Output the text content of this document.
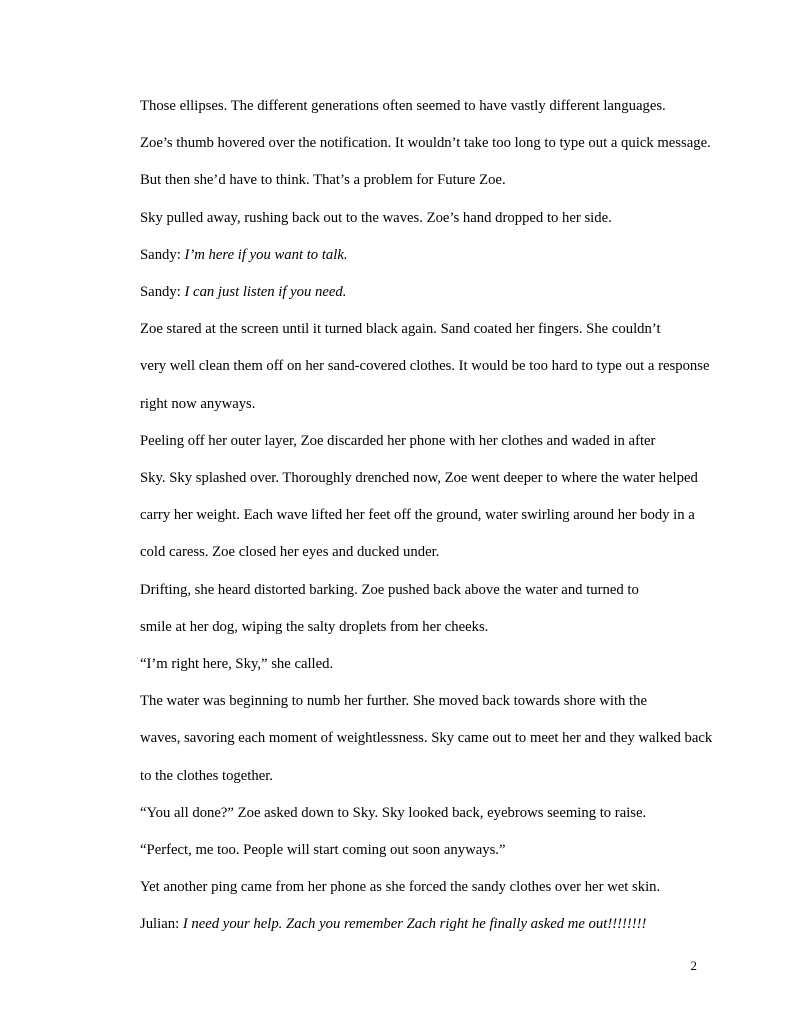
Those ellipses. The different generations often seemed to have vastly different languages.
Zoe’s thumb hovered over the notification. It wouldn’t take too long to type out a quick message.
But then she’d have to think. That’s a problem for Future Zoe.

Sky pulled away, rushing back out to the waves. Zoe’s hand dropped to her side.

Sandy: I’m here if you want to talk.

Sandy: I can just listen if you need.

Zoe stared at the screen until it turned black again. Sand coated her fingers. She couldn’t
very well clean them off on her sand-covered clothes. It would be too hard to type out a response
right now anyways.

Peeling off her outer layer, Zoe discarded her phone with her clothes and waded in after
Sky. Sky splashed over. Thoroughly drenched now, Zoe went deeper to where the water helped
carry her weight. Each wave lifted her feet off the ground, water swirling around her body in a
cold caress. Zoe closed her eyes and ducked under.

Drifting, she heard distorted barking. Zoe pushed back above the water and turned to
smile at her dog, wiping the salty droplets from her cheeks.

“I’m right here, Sky,” she called.

The water was beginning to numb her further. She moved back towards shore with the
waves, savoring each moment of weightlessness. Sky came out to meet her and they walked back
to the clothes together.

“You all done?” Zoe asked down to Sky. Sky looked back, eyebrows seeming to raise.
“Perfect, me too. People will start coming out soon anyways.”

Yet another ping came from her phone as she forced the sandy clothes over her wet skin.

Julian: I need your help. Zach you remember Zach right he finally asked me out!!!!!!!!

2
